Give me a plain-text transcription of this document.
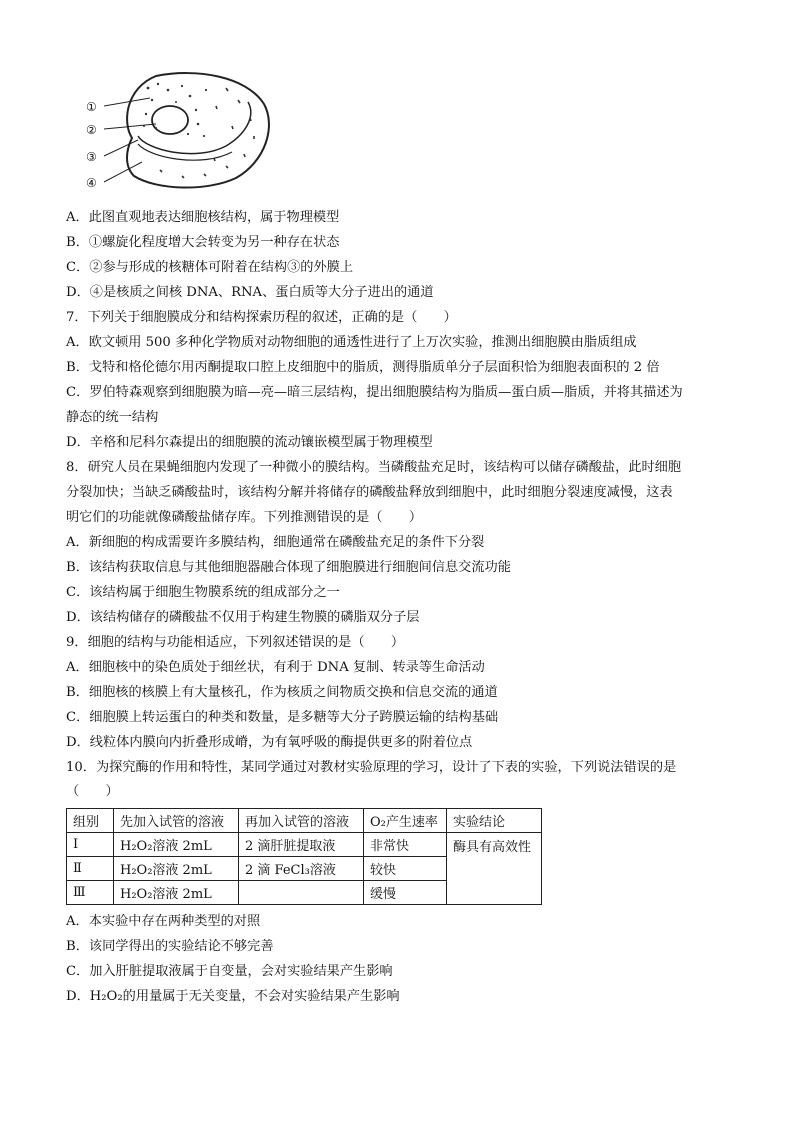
①
②
③
④
A．此图直观地表达细胞核结构，属于物理模型
B．①螺旋化程度增大会转变为另一种存在状态
C．②参与形成的核糖体可附着在结构③的外膜上
D．④是核质之间核 DNA、RNA、蛋白质等大分子进出的通道
7．下列关于细胞膜成分和结构探索历程的叙述，正确的是（　　）
A．欧文顿用 500 多种化学物质对动物细胞的通透性进行了上万次实验，推测出细胞膜由脂质组成
B．戈特和格伦德尔用丙酮提取口腔上皮细胞中的脂质，测得脂质单分子层面积恰为细胞表面积的 2 倍
C．罗伯特森观察到细胞膜为暗—亮—暗三层结构，提出细胞膜结构为脂质—蛋白质—脂质，并将其描述为
静态的统一结构
D．辛格和尼科尔森提出的细胞膜的流动镶嵌模型属于物理模型
8．研究人员在果蝇细胞内发现了一种微小的膜结构。当磷酸盐充足时，该结构可以储存磷酸盐，此时细胞
分裂加快；当缺乏磷酸盐时，该结构分解并将储存的磷酸盐释放到细胞中，此时细胞分裂速度减慢，这表
明它们的功能就像磷酸盐储存库。下列推测错误的是（　　）
A．新细胞的构成需要许多膜结构，细胞通常在磷酸盐充足的条件下分裂
B．该结构获取信息与其他细胞器融合体现了细胞膜进行细胞间信息交流功能
C．该结构属于细胞生物膜系统的组成部分之一
D．该结构储存的磷酸盐不仅用于构建生物膜的磷脂双分子层
9．细胞的结构与功能相适应，下列叙述错误的是（　　）
A．细胞核中的染色质处于细丝状，有利于 DNA 复制、转录等生命活动
B．细胞核的核膜上有大量核孔，作为核质之间物质交换和信息交流的通道
C．细胞膜上转运蛋白的种类和数量，是多糖等大分子跨膜运输的结构基础
D．线粒体内膜向内折叠形成嵴，为有氧呼吸的酶提供更多的附着位点
10．为探究酶的作用和特性，某同学通过对教材实验原理的学习，设计了下表的实验，下列说法错误的是
（　　）
组别	先加入试管的溶液	再加入试管的溶液	O₂产生速率	实验结论
Ⅰ	H₂O₂溶液 2mL	2 滴肝脏提取液	非常快	酶具有高效性
Ⅱ	H₂O₂溶液 2mL	2 滴 FeCl₃溶液	较快	
Ⅲ	H₂O₂溶液 2mL		缓慢	
A．本实验中存在两种类型的对照
B．该同学得出的实验结论不够完善
C．加入肝脏提取液属于自变量，会对实验结果产生影响
D．H₂O₂的用量属于无关变量，不会对实验结果产生影响
